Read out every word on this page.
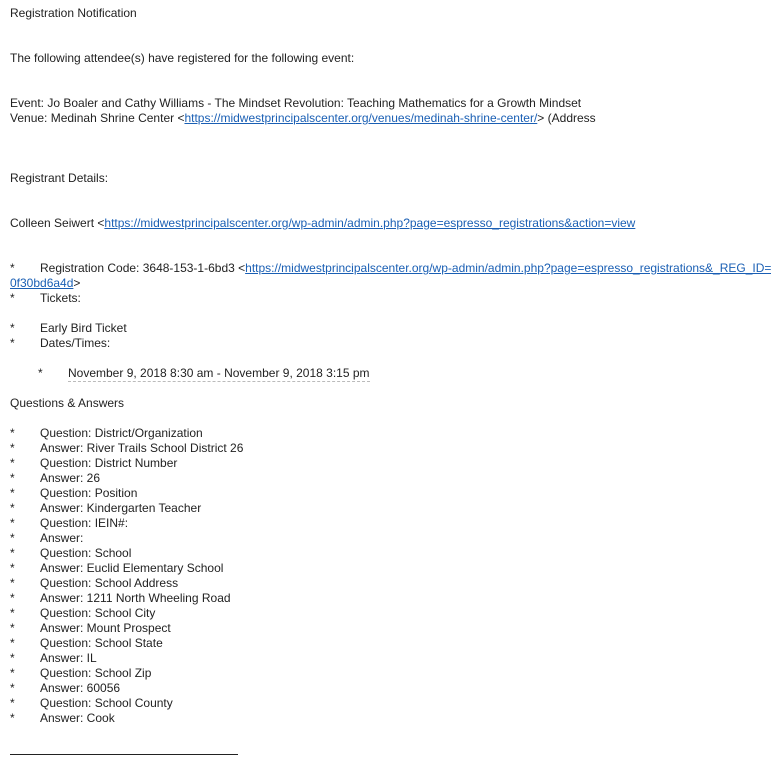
Registration Notification
The following attendee(s) have registered for the following event:
Event: Jo Boaler and Cathy Williams - The Mindset Revolution: Teaching Mathematics for a Growth Mindset
Venue: Medinah Shrine Center <https://midwestprincipalscenter.org/venues/medinah-shrine-center/> (Address
Registrant Details:
Colleen Seiwert <https://midwestprincipalscenter.org/wp-admin/admin.php?page=espresso_registrations&action=view
* Registration Code: 3648-153-1-6bd3 <https://midwestprincipalscenter.org/wp-admin/admin.php?page=espresso_registrations&_REG_ID=
0f30bd6a4d>
* Tickets:
* Early Bird Ticket
* Dates/Times:
* November 9, 2018 8:30 am - November 9, 2018 3:15 pm
Questions & Answers
* Question: District/Organization
* Answer: River Trails School District 26
* Question: District Number
* Answer: 26
* Question: Position
* Answer: Kindergarten Teacher
* Question: IEIN#:
* Answer:
* Question: School
* Answer: Euclid Elementary School
* Question: School Address
* Answer: 1211 North Wheeling Road
* Question: School City
* Answer: Mount Prospect
* Question: School State
* Answer: IL
* Question: School Zip
* Answer: 60056
* Question: School County
* Answer: Cook
